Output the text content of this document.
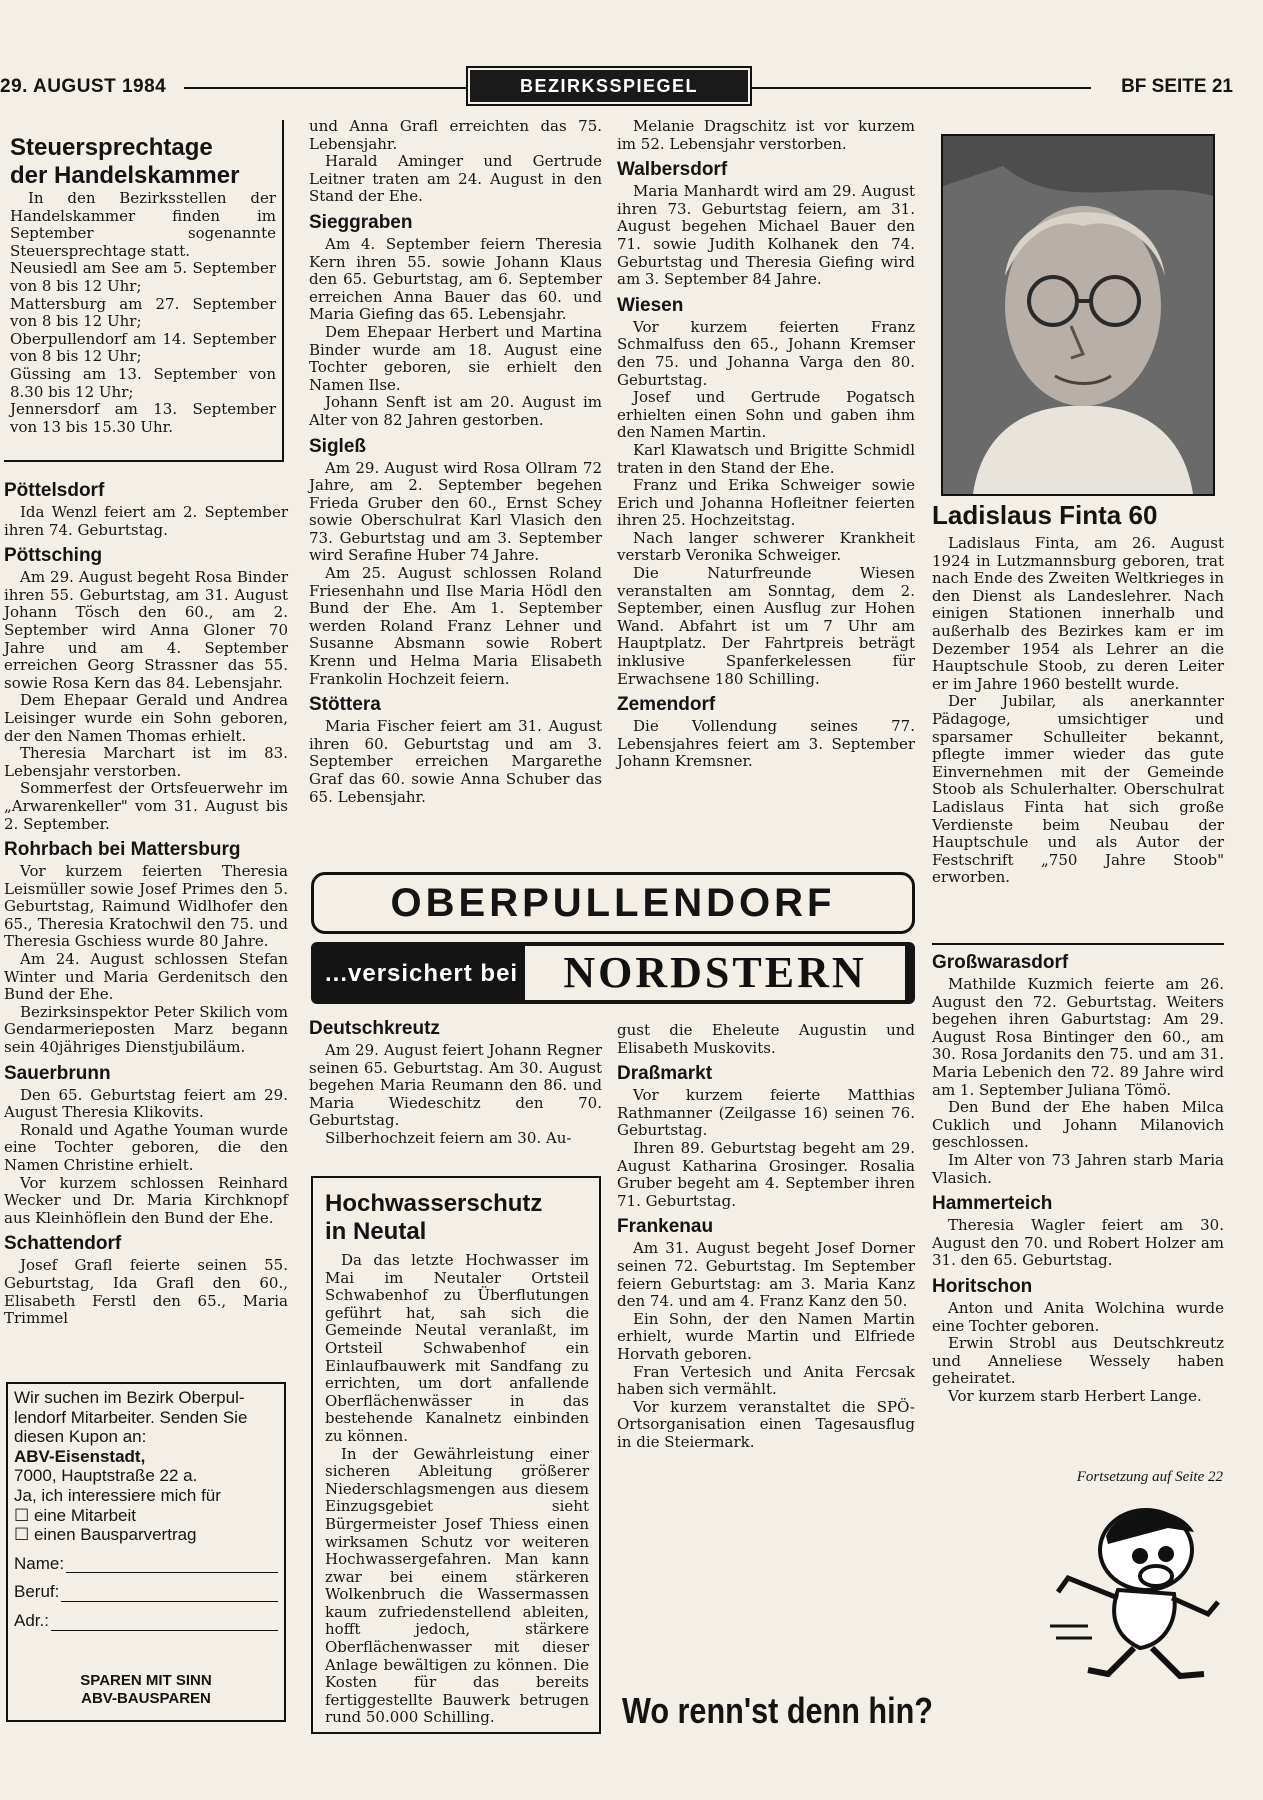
29. AUGUST 1984	BEZIRKSSPIEGEL	BF SEITE 21
Steuersprechtage
der Handelskammer

In den Bezirksstellen der Handelskammer finden im September sogenannte Steuersprechtage statt.

Neusiedl am See am 5. September von 8 bis 12 Uhr;

Mattersburg am 27. September von 8 bis 12 Uhr;

Oberpullendorf am 14. September von 8 bis 12 Uhr;

Güssing am 13. September von 8.30 bis 12 Uhr;

Jennersdorf am 13. September von 13 bis 15.30 Uhr.

Pöttelsdorf

Ida Wenzl feiert am 2. September ihren 74. Geburtstag.

Pöttsching

Am 29. August begeht Rosa Binder ihren 55. Geburtstag, am 31. August Johann Tösch den 60., am 2. September wird Anna Gloner 70 Jahre und am 4. September erreichen Georg Strassner das 55. sowie Rosa Kern das 84. Lebensjahr.

Dem Ehepaar Gerald und Andrea Leisinger wurde ein Sohn geboren, der den Namen Thomas erhielt.

Theresia Marchart ist im 83. Lebensjahr verstorben.

Sommerfest der Ortsfeuerwehr im „Arwarenkeller" vom 31. August bis 2. September.

Rohrbach bei Mattersburg

Vor kurzem feierten Theresia Leismüller sowie Josef Primes den 5. Geburtstag, Raimund Widlhofer den 65., Theresia Kratochwil den 75. und Theresia Gschiess wurde 80 Jahre.

Am 24. August schlossen Stefan Winter und Maria Gerdenitsch den Bund der Ehe.

Bezirksinspektor Peter Skilich vom Gendarmerieposten Marz begann sein 40jähriges Dienstjubiläum.

Sauerbrunn

Den 65. Geburtstag feiert am 29. August Theresia Klikovits.

Ronald und Agathe Youman wurde eine Tochter geboren, die den Namen Christine erhielt.

Vor kurzem schlossen Reinhard Wecker und Dr. Maria Kirchknopf aus Kleinhöflein den Bund der Ehe.

Schattendorf

Josef Grafl feierte seinen 55. Geburtstag, Ida Grafl den 60., Elisabeth Ferstl den 65., Maria Trimmel

Wir suchen im Bezirk Oberpul-
lendorf Mitarbeiter. Senden Sie
diesen Kupon an:
ABV-Eisenstadt,
7000, Hauptstraße 22 a.
Ja, ich interessiere mich für
☐ eine Mitarbeit
☐ einen Bausparvertrag
Name:
Beruf:
Adr.:
SPAREN MIT SINN
ABV-BAUSPAREN

und Anna Grafl erreichten das 75. Lebensjahr.

Harald Aminger und Gertrude Leitner traten am 24. August in den Stand der Ehe.

Sieggraben

Am 4. September feiern Theresia Kern ihren 55. sowie Johann Klaus den 65. Geburtstag, am 6. September erreichen Anna Bauer das 60. und Maria Giefing das 65. Lebensjahr.

Dem Ehepaar Herbert und Martina Binder wurde am 18. August eine Tochter geboren, sie erhielt den Namen Ilse.

Johann Senft ist am 20. August im Alter von 82 Jahren gestorben.

Sigleß

Am 29. August wird Rosa Ollram 72 Jahre, am 2. September begehen Frieda Gruber den 60., Ernst Schey sowie Oberschulrat Karl Vlasich den 73. Geburtstag und am 3. September wird Serafine Huber 74 Jahre.

Am 25. August schlossen Roland Friesenhahn und Ilse Maria Hödl den Bund der Ehe. Am 1. September werden Roland Franz Lehner und Susanne Absmann sowie Robert Krenn und Helma Maria Elisabeth Frankolin Hochzeit feiern.

Stöttera

Maria Fischer feiert am 31. August ihren 60. Geburtstag und am 3. September erreichen Margarethe Graf das 60. sowie Anna Schuber das 65. Lebensjahr.

Melanie Dragschitz ist vor kurzem im 52. Lebensjahr verstorben.

Walbersdorf

Maria Manhardt wird am 29. August ihren 73. Geburtstag feiern, am 31. August begehen Michael Bauer den 71. sowie Judith Kolhanek den 74. Geburtstag und Theresia Giefing wird am 3. September 84 Jahre.

Wiesen

Vor kurzem feierten Franz Schmalfuss den 65., Johann Kremser den 75. und Johanna Varga den 80. Geburtstag.

Josef und Gertrude Pogatsch erhielten einen Sohn und gaben ihm den Namen Martin.

Karl Klawatsch und Brigitte Schmidl traten in den Stand der Ehe.

Franz und Erika Schweiger sowie Erich und Johanna Hofleitner feierten ihren 25. Hochzeitstag.

Nach langer schwerer Krankheit verstarb Veronika Schweiger.

Die Naturfreunde Wiesen veranstalten am Sonntag, dem 2. September, einen Ausflug zur Hohen Wand. Abfahrt ist um 7 Uhr am Hauptplatz. Der Fahrtpreis beträgt inklusive Spanferkelessen für Erwachsene 180 Schilling.

Zemendorf

Die Vollendung seines 77. Lebensjahres feiert am 3. September Johann Kremsner.

OBERPULLENDORF
...versichert bei	NORDSTERN
Deutschkreutz

Am 29. August feiert Johann Regner seinen 65. Geburtstag. Am 30. August begehen Maria Reumann den 86. und Maria Wiedeschitz den 70. Geburtstag.

Silberhochzeit feiern am 30. Au-

Hochwasserschutz
in Neutal

Da das letzte Hochwasser im Mai im Neutaler Ortsteil Schwabenhof zu Überflutungen geführt hat, sah sich die Gemeinde Neutal veranlaßt, im Ortsteil Schwabenhof ein Einlaufbauwerk mit Sandfang zu errichten, um dort anfallende Oberflächenwässer in das bestehende Kanalnetz einbinden zu können.

In der Gewährleistung einer sicheren Ableitung größerer Niederschlagsmengen aus diesem Einzugsgebiet sieht Bürgermeister Josef Thiess einen wirksamen Schutz vor weiteren Hochwassergefahren. Man kann zwar bei einem stärkeren Wolkenbruch die Wassermassen kaum zufriedenstellend ableiten, hofft jedoch, stärkere Oberflächenwasser mit dieser Anlage bewältigen zu können. Die Kosten für das bereits fertiggestellte Bauwerk betrugen rund 50.000 Schilling.

gust die Eheleute Augustin und Elisabeth Muskovits.

Draßmarkt

Vor kurzem feierte Matthias Rathmanner (Zeilgasse 16) seinen 76. Geburtstag.

Ihren 89. Geburtstag begeht am 29. August Katharina Grosinger. Rosalia Gruber begeht am 4. September ihren 71. Geburtstag.

Frankenau

Am 31. August begeht Josef Dorner seinen 72. Geburtstag. Im September feiern Geburtstag: am 3. Maria Kanz den 74. und am 4. Franz Kanz den 50.

Ein Sohn, der den Namen Martin erhielt, wurde Martin und Elfriede Horvath geboren.

Fran Vertesich und Anita Fercsak haben sich vermählt.

Vor kurzem veranstaltet die SPÖ-Ortsorganisation einen Tagesausflug in die Steiermark.

Ladislaus Finta 60

Ladislaus Finta, am 26. August 1924 in Lutzmannsburg geboren, trat nach Ende des Zweiten Weltkrieges in den Dienst als Landeslehrer. Nach einigen Stationen innerhalb und außerhalb des Bezirkes kam er im Dezember 1954 als Lehrer an die Hauptschule Stoob, zu deren Leiter er im Jahre 1960 bestellt wurde.

Der Jubilar, als anerkannter Pädagoge, umsichtiger und sparsamer Schulleiter bekannt, pflegte immer wieder das gute Einvernehmen mit der Gemeinde Stoob als Schulerhalter. Oberschulrat Ladislaus Finta hat sich große Verdienste beim Neubau der Hauptschule und als Autor der Festschrift „750 Jahre Stoob" erworben.

Großwarasdorf

Mathilde Kuzmich feierte am 26. August den 72. Geburtstag. Weiters begehen ihren Gaburtstag: Am 29. August Rosa Bintinger den 60., am 30. Rosa Jordanits den 75. und am 31. Maria Lebenich den 72. 89 Jahre wird am 1. September Juliana Tömö.

Den Bund der Ehe haben Milca Cuklich und Johann Milanovich geschlossen.

Im Alter von 73 Jahren starb Maria Vlasich.

Hammerteich

Theresia Wagler feiert am 30. August den 70. und Robert Holzer am 31. den 65. Geburtstag.

Horitschon

Anton und Anita Wolchina wurde eine Tochter geboren.

Erwin Strobl aus Deutschkreutz und Anneliese Wessely haben geheiratet.

Vor kurzem starb Herbert Lange.

Fortsetzung auf Seite 22
Wo renn'st denn hin?
